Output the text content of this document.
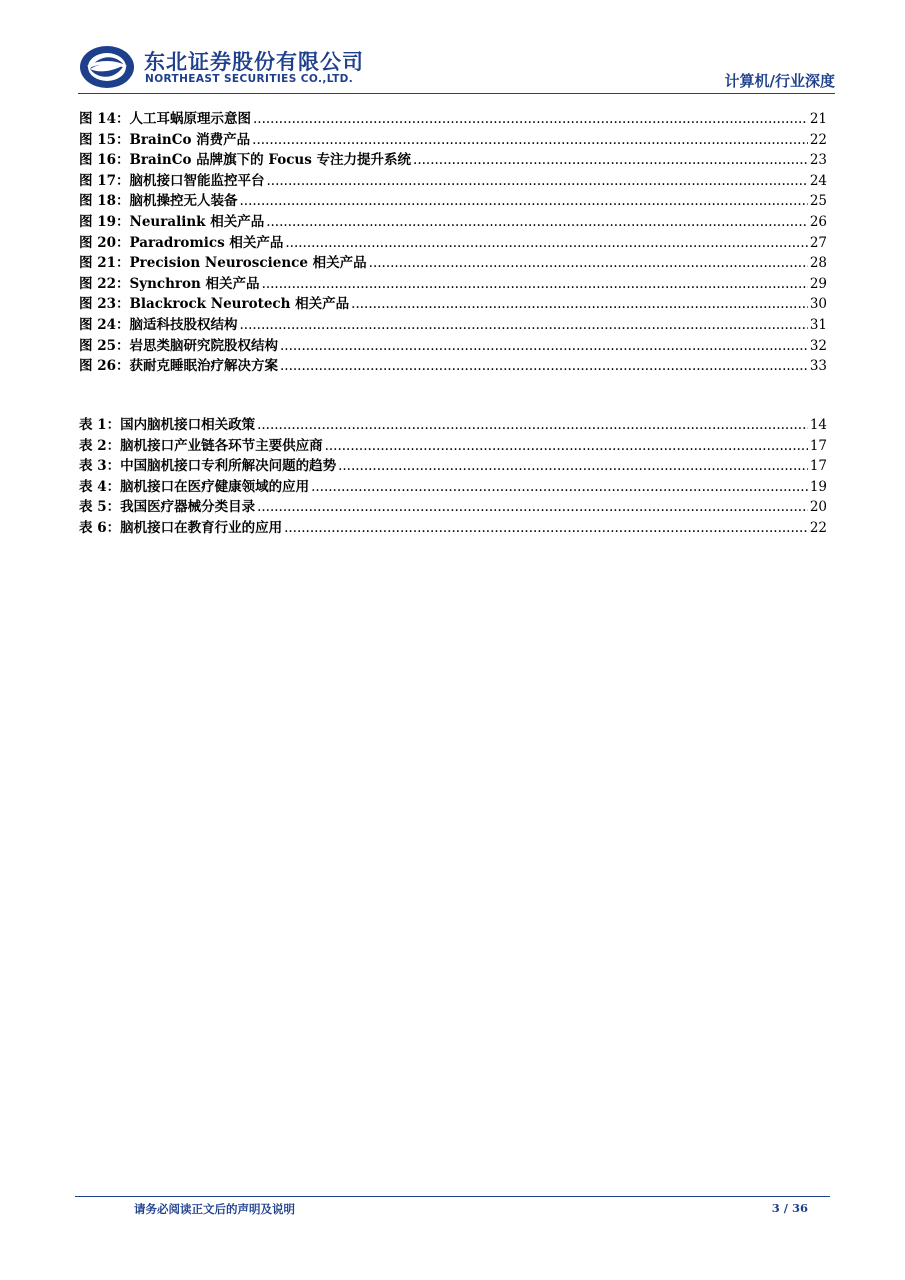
东北证券股份有限公司
NORTHEAST SECURITIES CO.,LTD.	计算机/行业深度
图 14：人工耳蜗原理示意图 .....	21
图 15：BrainCo 消费产品 .....	22
图 16：BrainCo 品牌旗下的 Focus 专注力提升系统 .....	23
图 17：脑机接口智能监控平台 .....	24
图 18：脑机操控无人装备 .....	25
图 19：Neuralink 相关产品 .....	26
图 20：Paradromics 相关产品 .....	27
图 21：Precision Neuroscience 相关产品 .....	28
图 22：Synchron 相关产品 .....	29
图 23：Blackrock Neurotech 相关产品 .....	30
图 24：脑适科技股权结构 .....	31
图 25：岩思类脑研究院股权结构 .....	32
图 26：获耐克睡眠治疗解决方案 .....	33
表 1：国内脑机接口相关政策 .....	14
表 2：脑机接口产业链各环节主要供应商 .....	17
表 3：中国脑机接口专利所解决问题的趋势 .....	17
表 4：脑机接口在医疗健康领域的应用 .....	19
表 5：我国医疗器械分类目录 .....	20
表 6：脑机接口在教育行业的应用 .....	22
请务必阅读正文后的声明及说明	3 / 36
